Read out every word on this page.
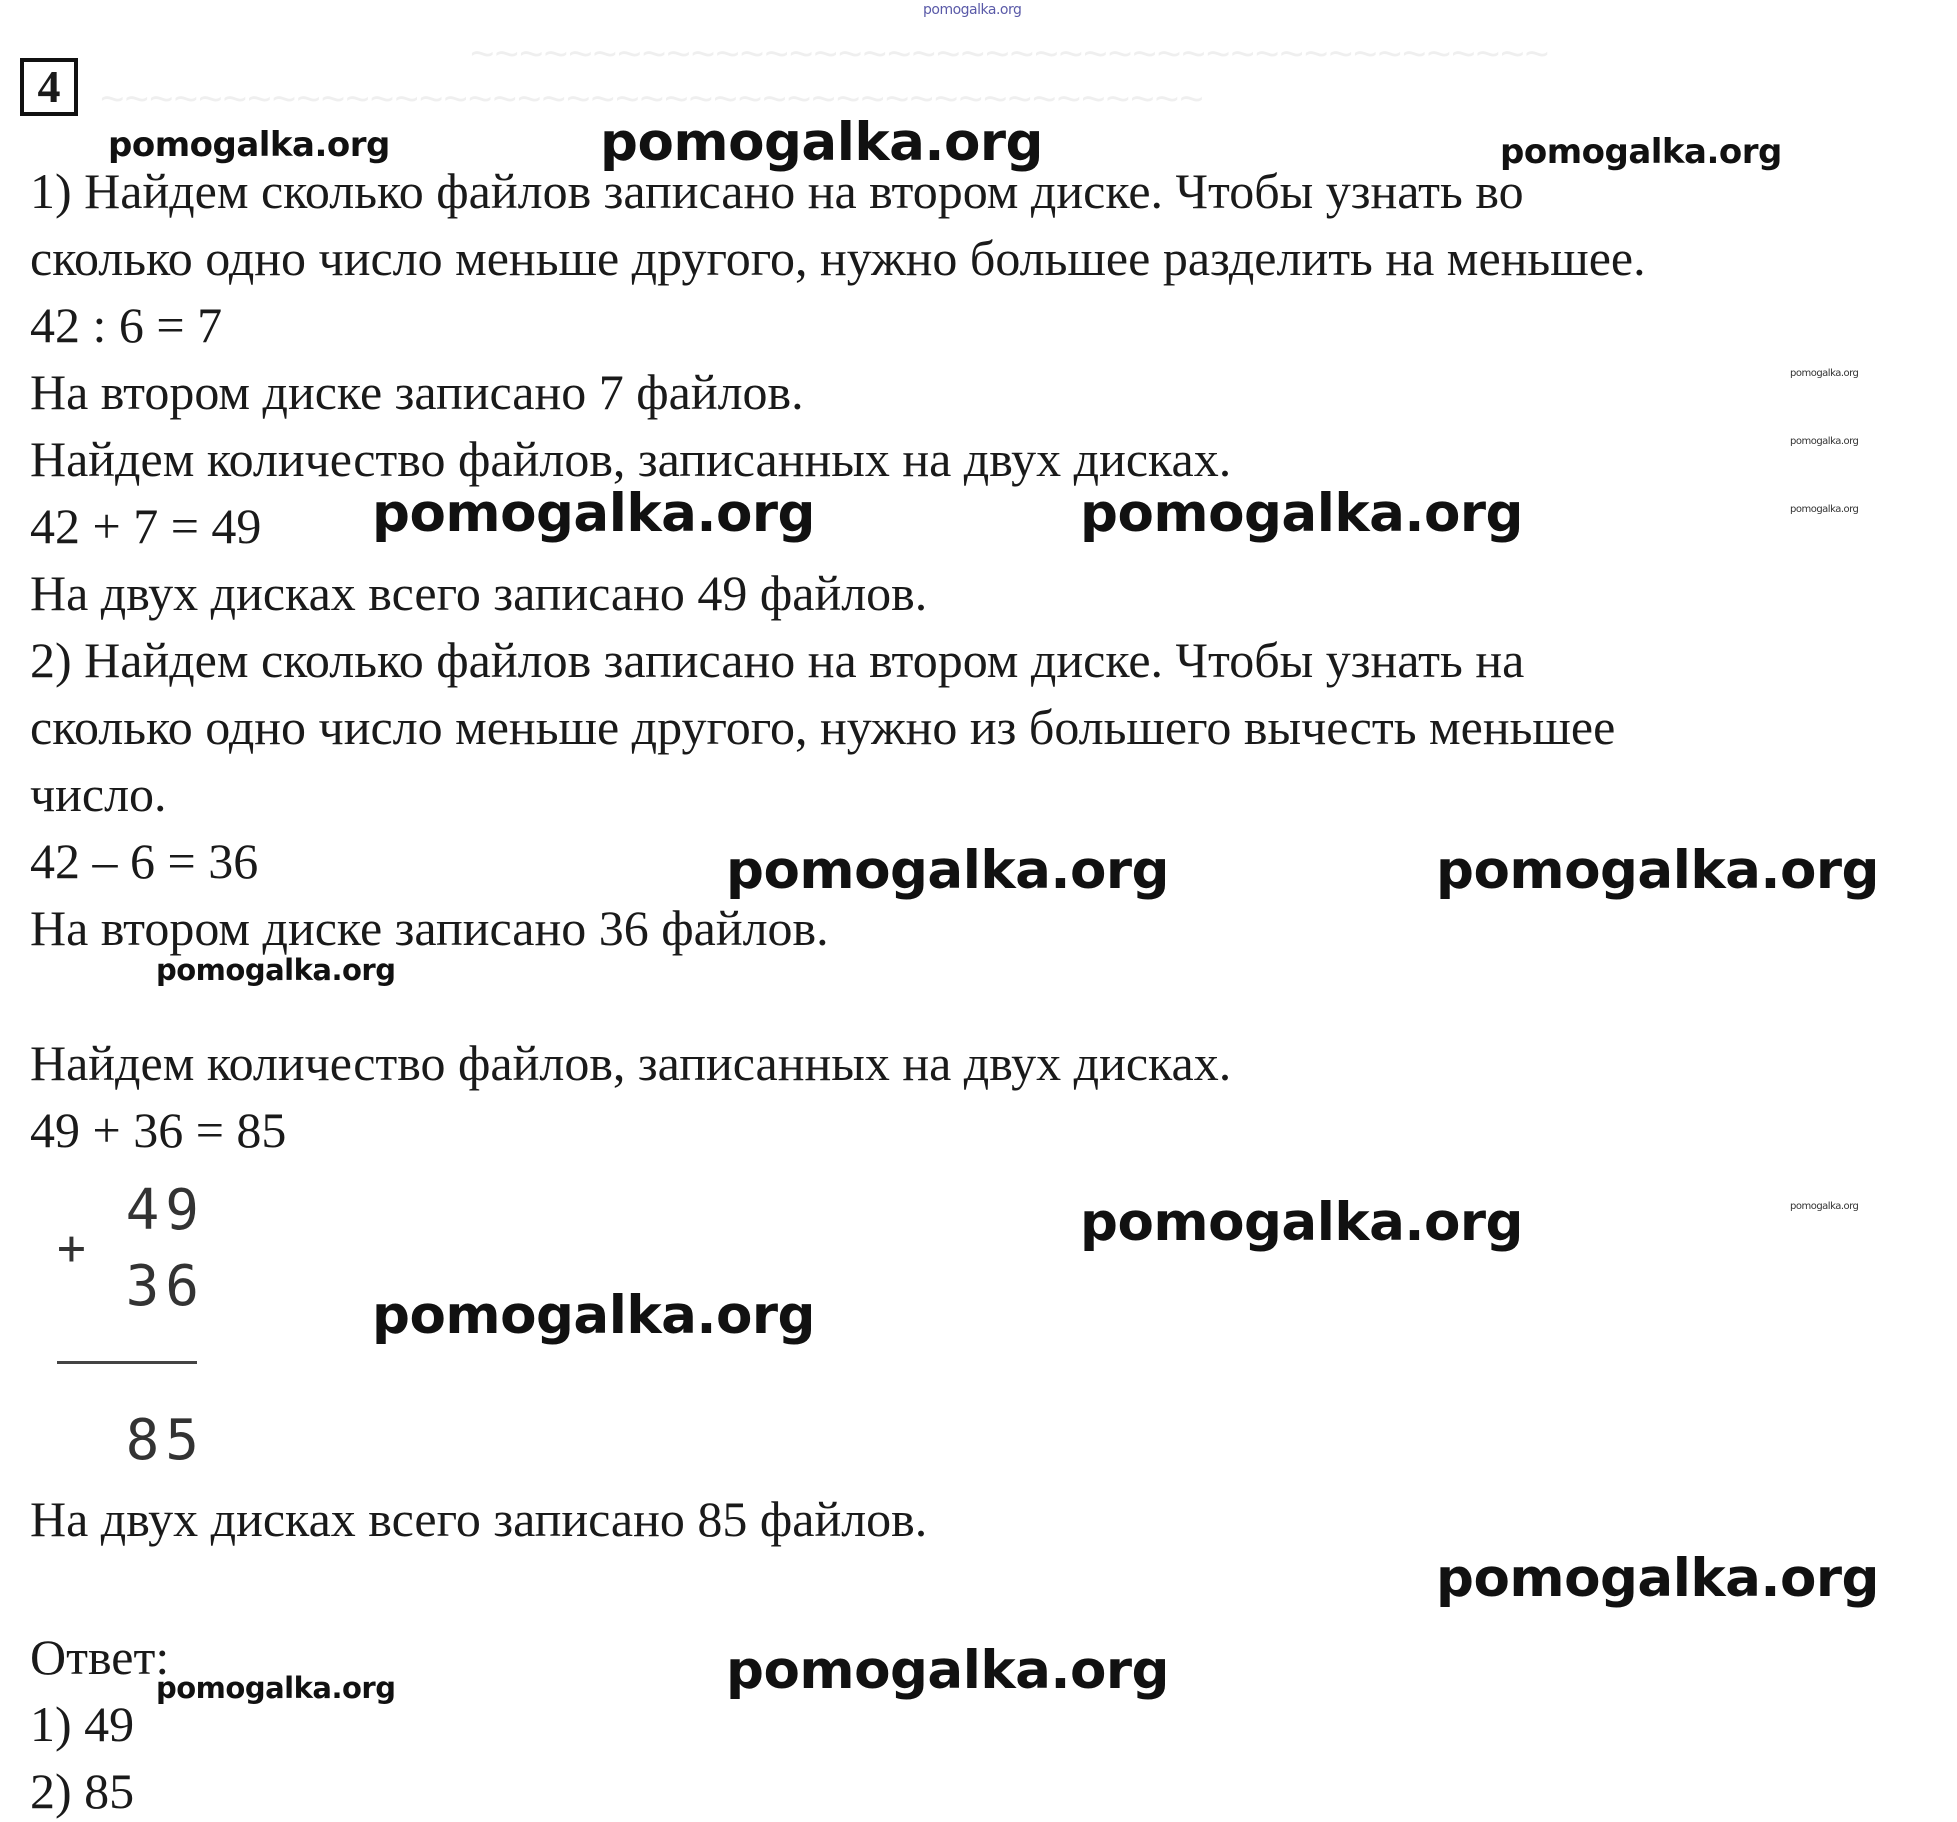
pomogalka.org
~~~~~~~~~~~~~~~~~~~~~~~~~~~~~~~~~~~~~~~~~~~~
~~~~~~~~~~~~~~~~~~~~~~~~~~~~~~~~~~~~~~~~~~~~~
4
1) Найдем сколько файлов записано на втором диске. Чтобы узнать во
сколько одно число меньше другого, нужно большее разделить на меньшее.
42 : 6 = 7
На втором диске записано 7 файлов.
Найдем количество файлов, записанных на двух дисках.
42 + 7 = 49
На двух дисках всего записано 49 файлов.
2) Найдем сколько файлов записано на втором диске. Чтобы узнать на
сколько одно число меньше другого, нужно из большего вычесть меньшее
число.
42 – 6 = 36
На втором диске записано 36 файлов.
Найдем количество файлов, записанных на двух дисках.
49 + 36 = 85
На двух дисках всего записано 85 файлов.
Ответ:
1) 49
2) 85
49
+
36
85
pomogalka.org	pomogalka.org	pomogalka.org
pomogalka.org
pomogalka.org
pomogalka.org
pomogalka.org	pomogalka.org
pomogalka.org	pomogalka.org
pomogalka.org
pomogalka.org	pomogalka.org
pomogalka.org
pomogalka.org
pomogalka.org	pomogalka.org
